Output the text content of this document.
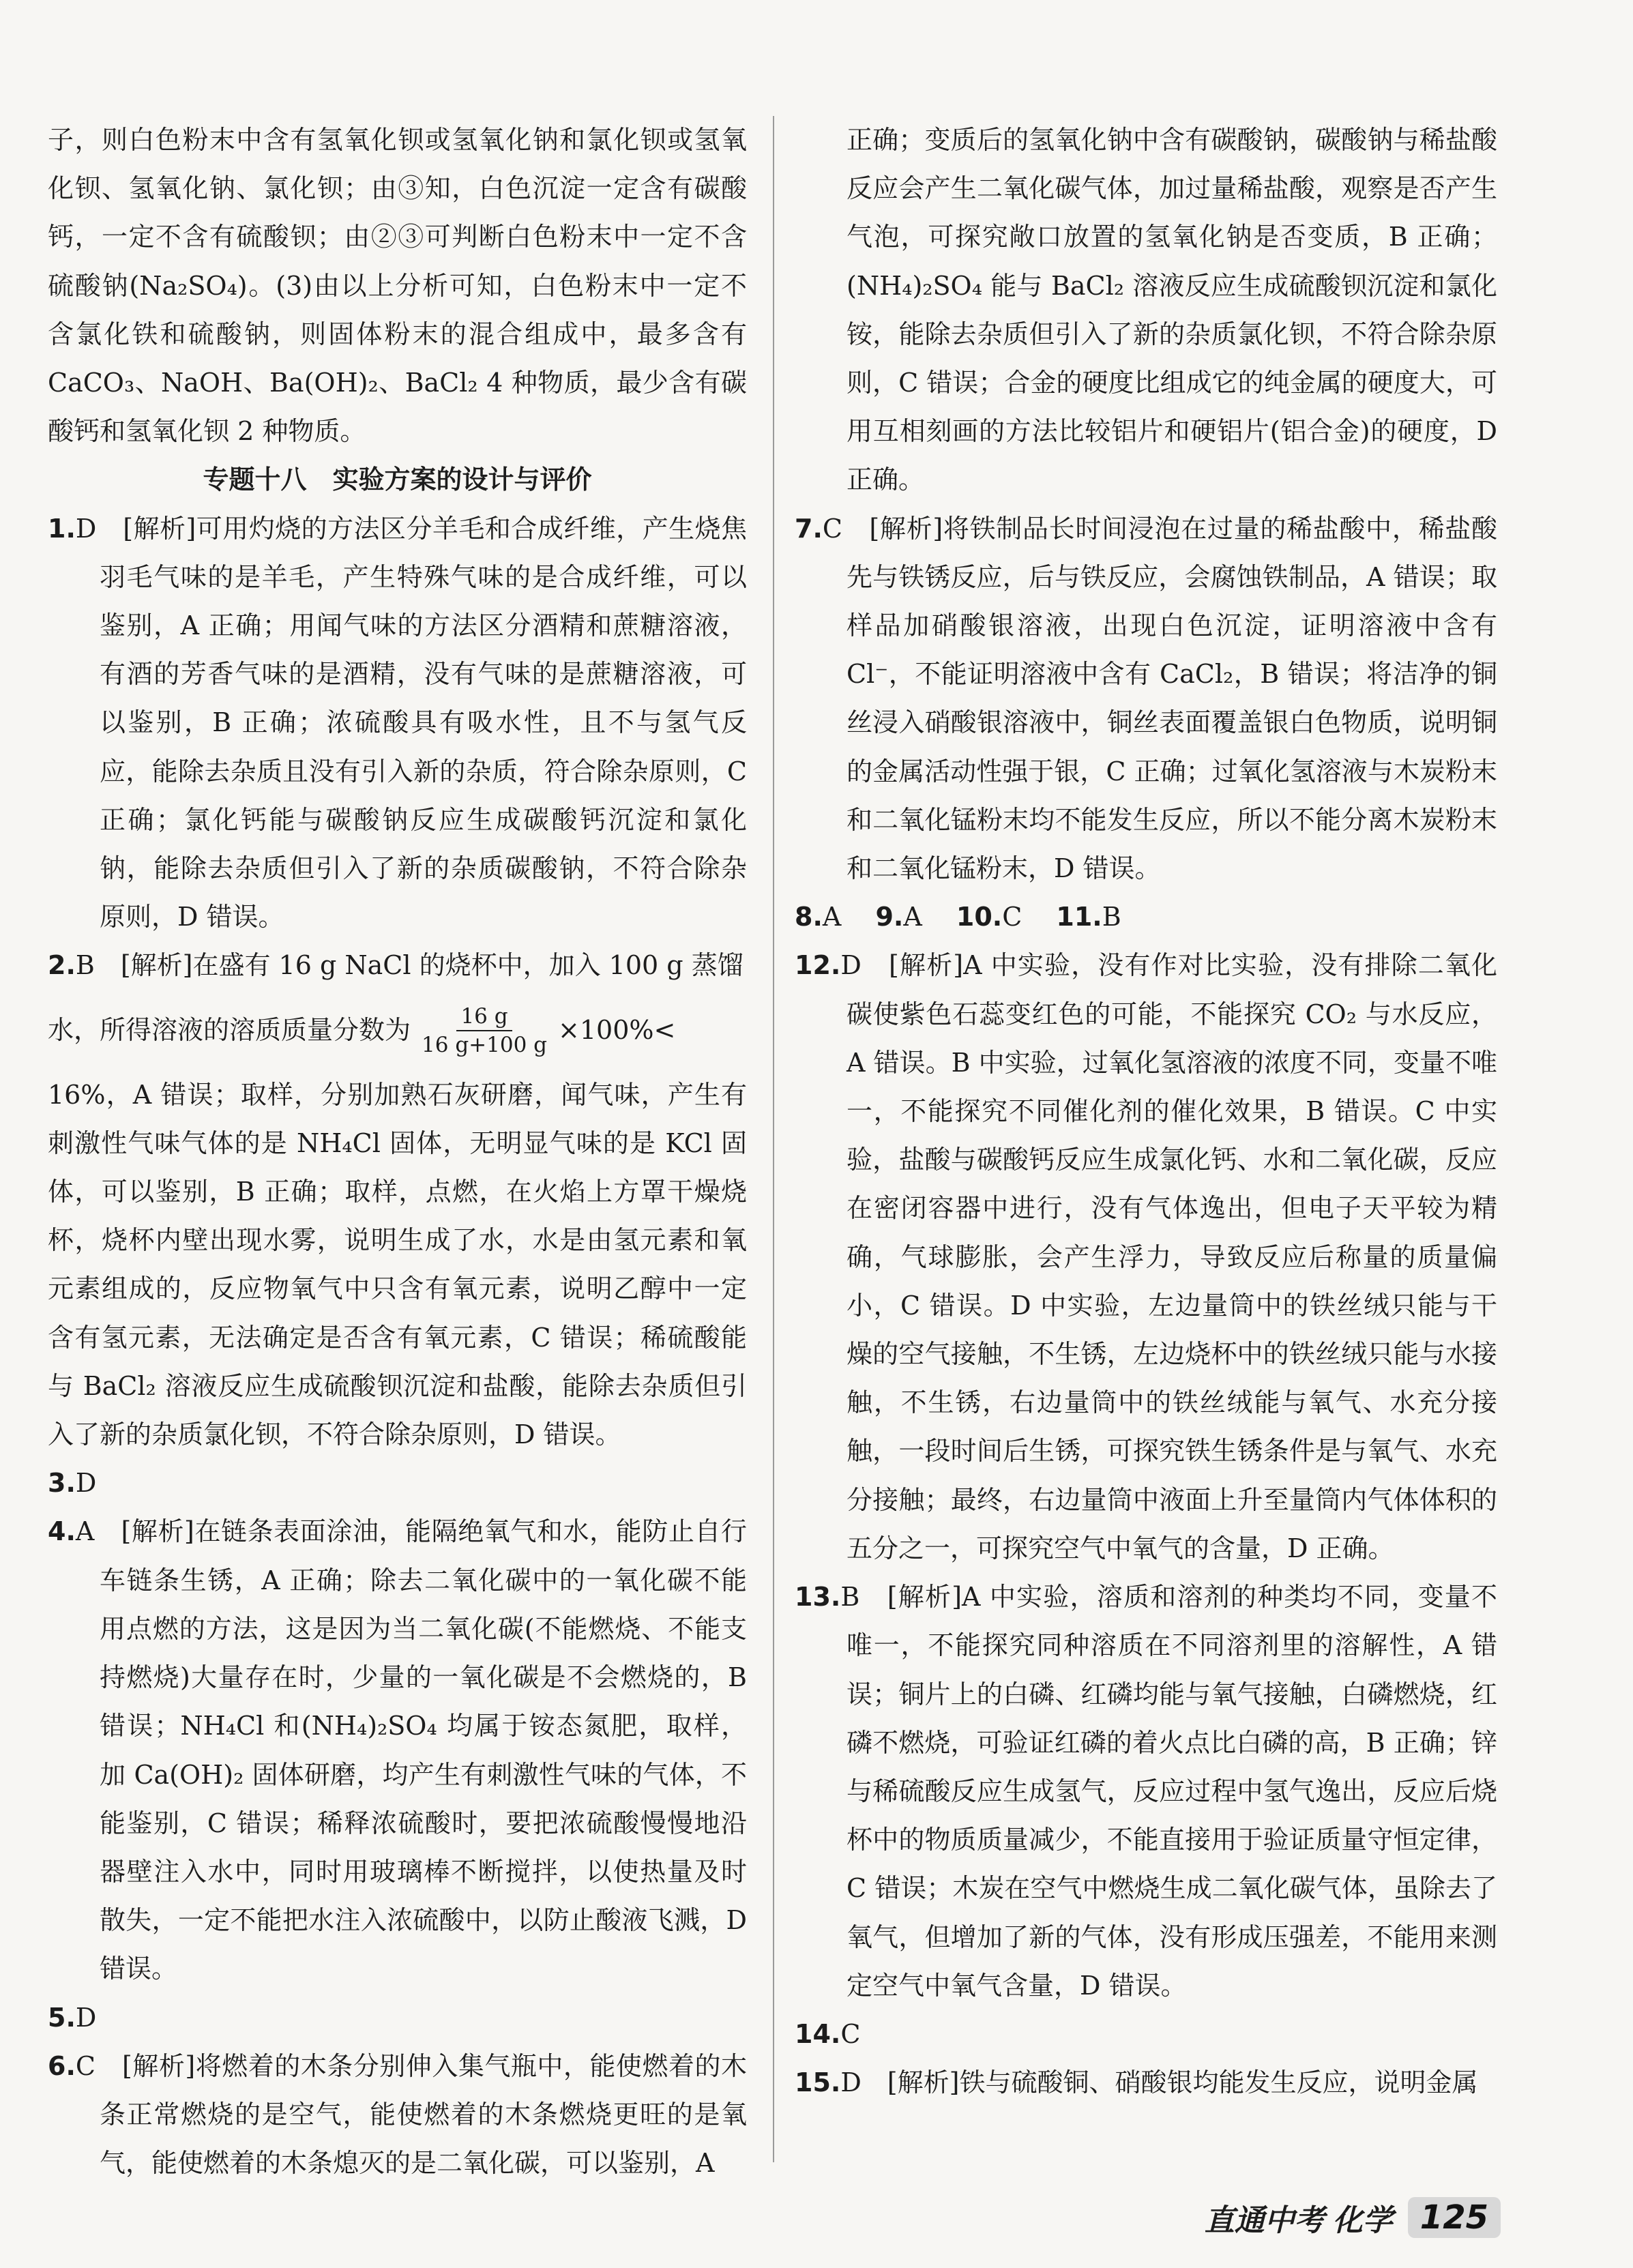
子，则白色粉末中含有氢氧化钡或氢氧化钠和氯化钡或氢氧化钡、氢氧化钠、氯化钡；由③知，白色沉淀一定含有碳酸钙，一定不含有硫酸钡；由②③可判断白色粉末中一定不含硫酸钠(Na₂SO₄)。(3)由以上分析可知，白色粉末中一定不含氯化铁和硫酸钠，则固体粉末的混合组成中，最多含有 CaCO₃、NaOH、Ba(OH)₂、BaCl₂ 4 种物质，最少含有碳酸钙和氢氧化钡 2 种物质。

专题十八　实验方案的设计与评价

1.D　[解析]可用灼烧的方法区分羊毛和合成纤维，产生烧焦羽毛气味的是羊毛，产生特殊气味的是合成纤维，可以鉴别，A 正确；用闻气味的方法区分酒精和蔗糖溶液，有酒的芳香气味的是酒精，没有气味的是蔗糖溶液，可以鉴别，B 正确；浓硫酸具有吸水性，且不与氢气反应，能除去杂质且没有引入新的杂质，符合除杂原则，C 正确；氯化钙能与碳酸钠反应生成碳酸钙沉淀和氯化钠，能除去杂质但引入了新的杂质碳酸钠，不符合除杂原则，D 错误。

2.B　[解析]在盛有 16 g NaCl 的烧杯中，加入 100 g 蒸馏

水，所得溶液的溶质质量分数为 $\frac{16 g}{16 g+100 g} \times 100\%<$

16%，A 错误；取样，分别加熟石灰研磨，闻气味，产生有刺激性气味气体的是 NH₄Cl 固体，无明显气味的是 KCl 固体，可以鉴别，B 正确；取样，点燃，在火焰上方罩干燥烧杯，烧杯内壁出现水雾，说明生成了水，水是由氢元素和氧元素组成的，反应物氧气中只含有氧元素，说明乙醇中一定含有氢元素，无法确定是否含有氧元素，C 错误；稀硫酸能与 BaCl₂ 溶液反应生成硫酸钡沉淀和盐酸，能除去杂质但引入了新的杂质氯化钡，不符合除杂原则，D 错误。

3.D

4.A　[解析]在链条表面涂油，能隔绝氧气和水，能防止自行车链条生锈，A 正确；除去二氧化碳中的一氧化碳不能用点燃的方法，这是因为当二氧化碳(不能燃烧、不能支持燃烧)大量存在时，少量的一氧化碳是不会燃烧的，B 错误；NH₄Cl 和(NH₄)₂SO₄ 均属于铵态氮肥，取样，加 Ca(OH)₂ 固体研磨，均产生有刺激性气味的气体，不能鉴别，C 错误；稀释浓硫酸时，要把浓硫酸慢慢地沿器壁注入水中，同时用玻璃棒不断搅拌，以使热量及时散失，一定不能把水注入浓硫酸中，以防止酸液飞溅，D 错误。

5.D

6.C　[解析]将燃着的木条分别伸入集气瓶中，能使燃着的木条正常燃烧的是空气，能使燃着的木条燃烧更旺的是氧气，能使燃着的木条熄灭的是二氧化碳，可以鉴别，A

正确；变质后的氢氧化钠中含有碳酸钠，碳酸钠与稀盐酸反应会产生二氧化碳气体，加过量稀盐酸，观察是否产生气泡，可探究敞口放置的氢氧化钠是否变质，B 正确；(NH₄)₂SO₄ 能与 BaCl₂ 溶液反应生成硫酸钡沉淀和氯化铵，能除去杂质但引入了新的杂质氯化钡，不符合除杂原则，C 错误；合金的硬度比组成它的纯金属的硬度大，可用互相刻画的方法比较铝片和硬铝片(铝合金)的硬度，D 正确。

7.C　[解析]将铁制品长时间浸泡在过量的稀盐酸中，稀盐酸先与铁锈反应，后与铁反应，会腐蚀铁制品，A 错误；取样品加硝酸银溶液，出现白色沉淀，证明溶液中含有 Cl⁻，不能证明溶液中含有 CaCl₂，B 错误；将洁净的铜丝浸入硝酸银溶液中，铜丝表面覆盖银白色物质，说明铜的金属活动性强于银，C 正确；过氧化氢溶液与木炭粉末和二氧化锰粉末均不能发生反应，所以不能分离木炭粉末和二氧化锰粉末，D 错误。

8.A　 9.A　 10.C　 11.B

12.D　[解析]A 中实验，没有作对比实验，没有排除二氧化碳使紫色石蕊变红色的可能，不能探究 CO₂ 与水反应，A 错误。B 中实验，过氧化氢溶液的浓度不同，变量不唯一，不能探究不同催化剂的催化效果，B 错误。C 中实验，盐酸与碳酸钙反应生成氯化钙、水和二氧化碳，反应在密闭容器中进行，没有气体逸出，但电子天平较为精确，气球膨胀，会产生浮力，导致反应后称量的质量偏小，C 错误。D 中实验，左边量筒中的铁丝绒只能与干燥的空气接触，不生锈，左边烧杯中的铁丝绒只能与水接触，不生锈，右边量筒中的铁丝绒能与氧气、水充分接触，一段时间后生锈，可探究铁生锈条件是与氧气、水充分接触；最终，右边量筒中液面上升至量筒内气体体积的五分之一，可探究空气中氧气的含量，D 正确。

13.B　[解析]A 中实验，溶质和溶剂的种类均不同，变量不唯一，不能探究同种溶质在不同溶剂里的溶解性，A 错误；铜片上的白磷、红磷均能与氧气接触，白磷燃烧，红磷不燃烧，可验证红磷的着火点比白磷的高，B 正确；锌与稀硫酸反应生成氢气，反应过程中氢气逸出，反应后烧杯中的物质质量减少，不能直接用于验证质量守恒定律，C 错误；木炭在空气中燃烧生成二氧化碳气体，虽除去了氧气，但增加了新的气体，没有形成压强差，不能用来测定空气中氧气含量，D 错误。

14.C

15.D　[解析]铁与硫酸铜、硝酸银均能发生反应，说明金属

直通中考 化学 125
